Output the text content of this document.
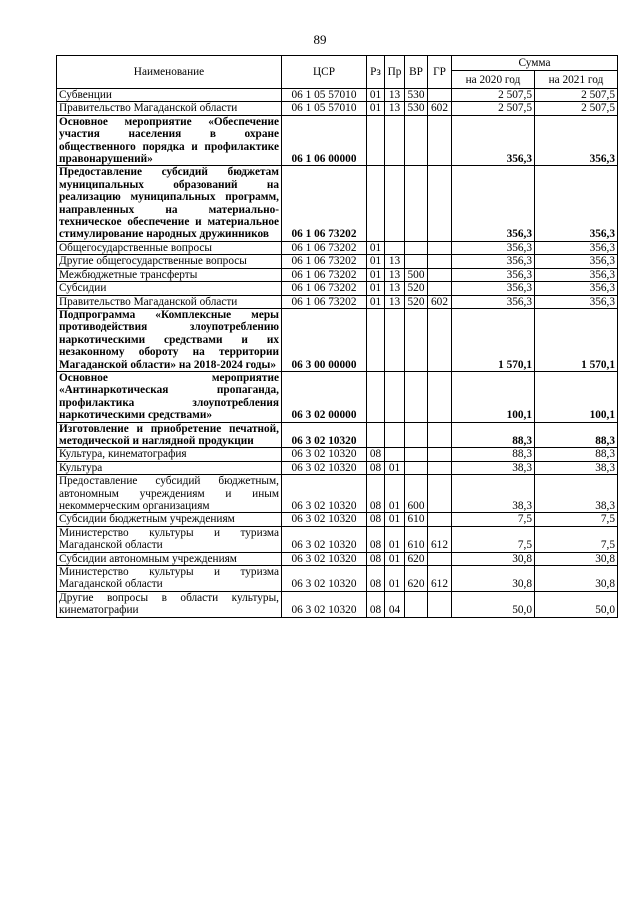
89
Наименование	ЦСР	Рз	Пр	ВР	ГР	Сумма	
						на 2020 год	на 2021 год
Субвенции	06 1 05 57010	01	13	530		2 507,5	2 507,5
Правительство Магаданской области	06 1 05 57010	01	13	530	602	2 507,5	2 507,5
Основное мероприятие «Обеспечение участия населения в охране общественного порядка и профилактике правонарушений»	06 1 06 00000					356,3	356,3
Предоставление субсидий бюджетам муниципальных образований на реализацию муниципальных программ, направленных на материально-техническое обеспечение и материальное стимулирование народных дружинников	06 1 06 73202					356,3	356,3
Общегосударственные вопросы	06 1 06 73202	01				356,3	356,3
Другие общегосударственные вопросы	06 1 06 73202	01	13			356,3	356,3
Межбюджетные трансферты	06 1 06 73202	01	13	500		356,3	356,3
Субсидии	06 1 06 73202	01	13	520		356,3	356,3
Правительство Магаданской области	06 1 06 73202	01	13	520	602	356,3	356,3
Подпрограмма «Комплексные меры противодействия злоупотреблению наркотическими средствами и их незаконному обороту на территории Магаданской области» на 2018-2024 годы»	06 3 00 00000					1 570,1	1 570,1
Основное мероприятие «Антинаркотическая пропаганда, профилактика злоупотребления наркотическими средствами»	06 3 02 00000					100,1	100,1
Изготовление и приобретение печатной, методической и наглядной продукции	06 3 02 10320					88,3	88,3
Культура, кинематография	06 3 02 10320	08				88,3	88,3
Культура	06 3 02 10320	08	01			38,3	38,3
Предоставление субсидий бюджетным, автономным учреждениям и иным некоммерческим организациям	06 3 02 10320	08	01	600		38,3	38,3
Субсидии бюджетным учреждениям	06 3 02 10320	08	01	610		7,5	7,5
Министерство культуры и туризма Магаданской области	06 3 02 10320	08	01	610	612	7,5	7,5
Субсидии автономным учреждениям	06 3 02 10320	08	01	620		30,8	30,8
Министерство культуры и туризма Магаданской области	06 3 02 10320	08	01	620	612	30,8	30,8
Другие вопросы в области культуры, кинематографии	06 3 02 10320	08	04			50,0	50,0
